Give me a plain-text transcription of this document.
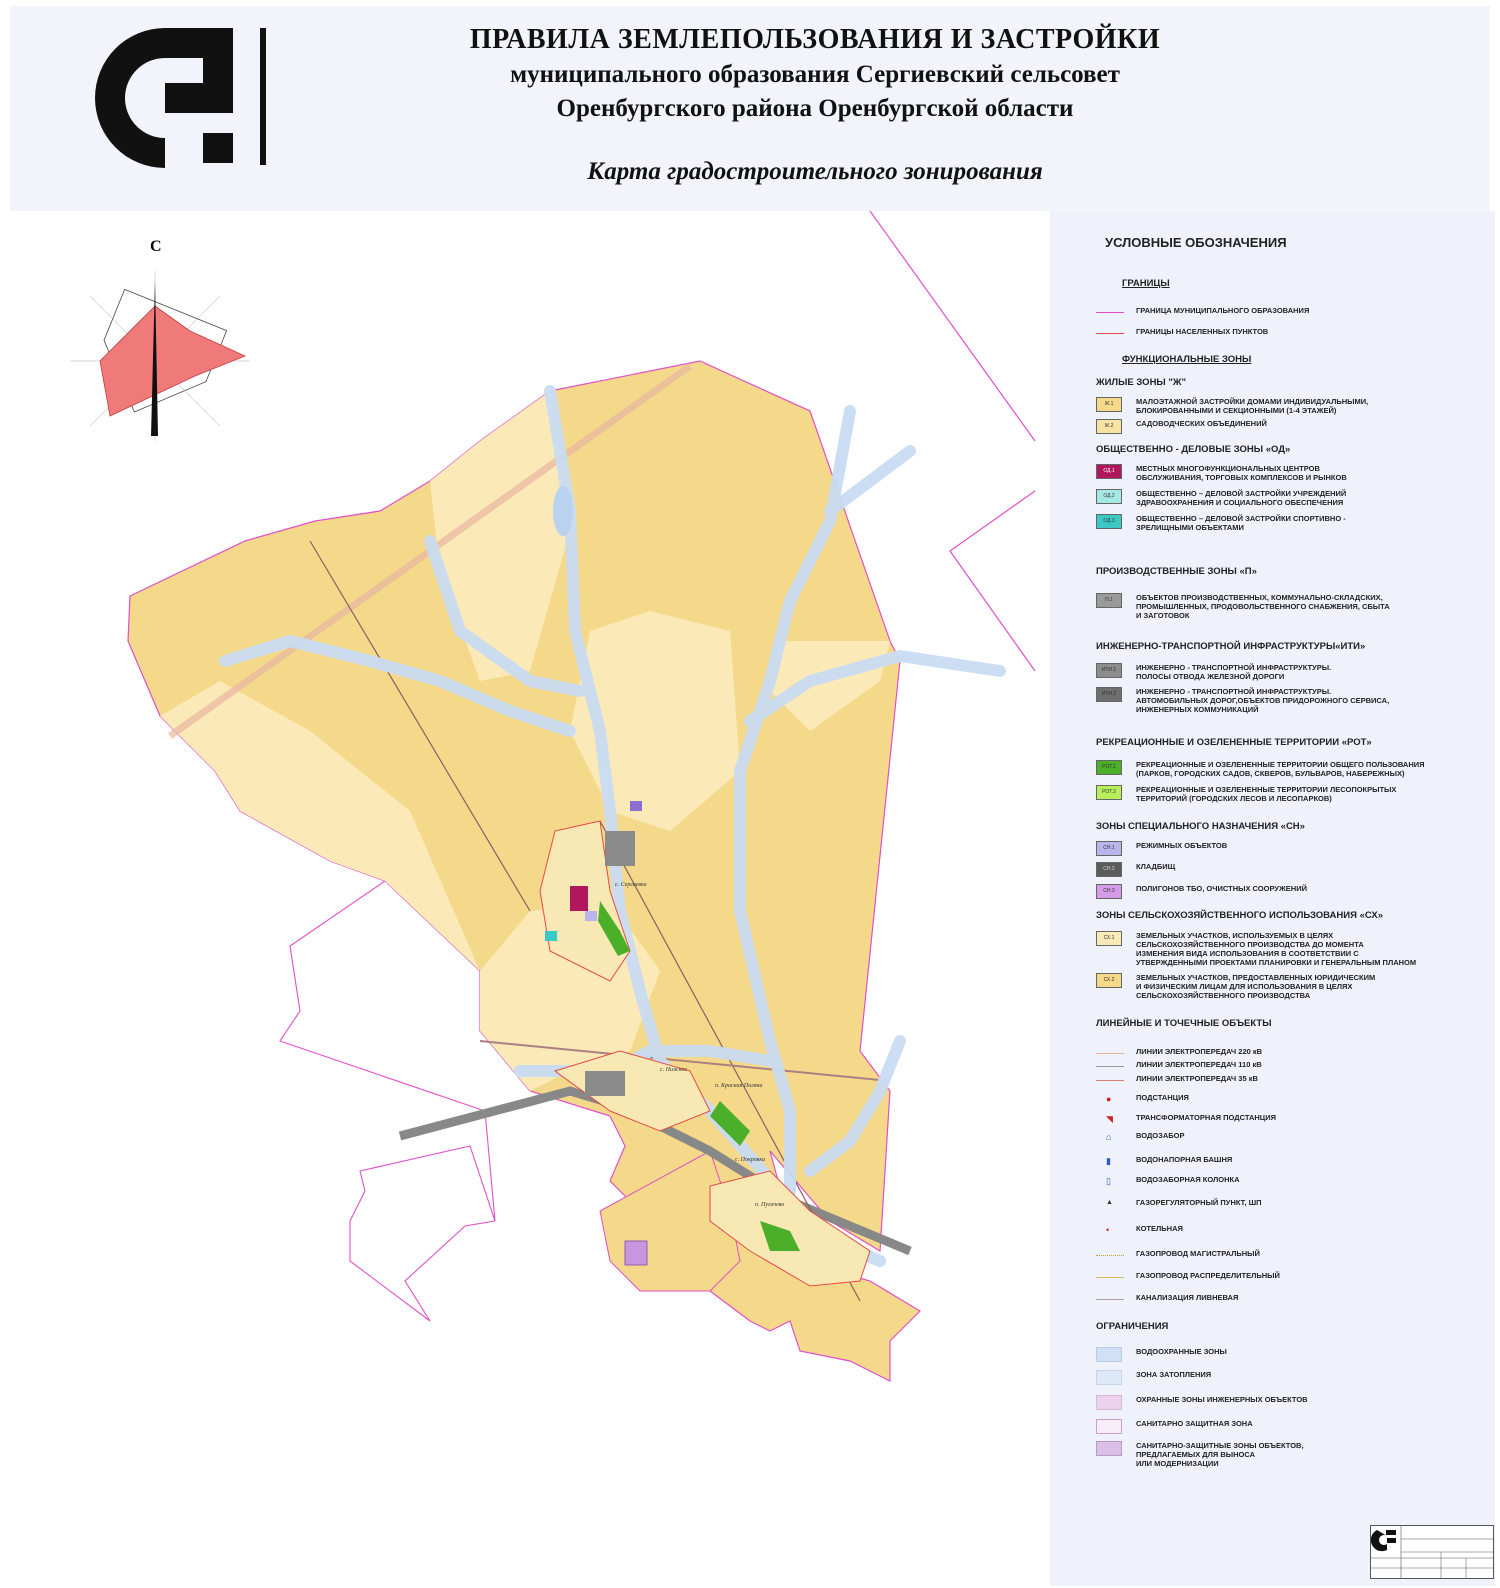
ПРАВИЛА ЗЕМЛЕПОЛЬЗОВАНИЯ И ЗАСТРОЙКИ
муниципального образования Сергиевский сельсовет
Оренбургского района Оренбургской области
Карта градостроительного зонирования
с. Сергиевка
с. Нижнее
п. Красная Поляна
с. Покровка
п. Пугачево
С	УСЛОВНЫЕ ОБОЗНАЧЕНИЯ
ГРАНИЦЫ
ГРАНИЦА МУНИЦИПАЛЬНОГО ОБРАЗОВАНИЯ
ГРАНИЦЫ НАСЕЛЕННЫХ ПУНКТОВ
ФУНКЦИОНАЛЬНЫЕ ЗОНЫ
ЖИЛЫЕ ЗОНЫ "Ж"
Ж.1	МАЛОЭТАЖНОЙ ЗАСТРОЙКИ ДОМАМИ ИНДИВИДУАЛЬНЫМИ,
БЛОКИРОВАННЫМИ И СЕКЦИОННЫМИ (1-4 ЭТАЖЕЙ)
Ж.2	САДОВОДЧЕСКИХ ОБЪЕДИНЕНИЙ
ОБЩЕСТВЕННО - ДЕЛОВЫЕ ЗОНЫ «ОД»
ОД.1	МЕСТНЫХ МНОГОФУНКЦИОНАЛЬНЫХ ЦЕНТРОВ
ОБСЛУЖИВАНИЯ, ТОРГОВЫХ КОМПЛЕКСОВ И РЫНКОВ
ОД.2	ОБЩЕСТВЕННО – ДЕЛОВОЙ ЗАСТРОЙКИ УЧРЕЖДЕНИЙ
ЗДРАВООХРАНЕНИЯ И СОЦИАЛЬНОГО ОБЕСПЕЧЕНИЯ
ОД.3	ОБЩЕСТВЕННО – ДЕЛОВОЙ ЗАСТРОЙКИ СПОРТИВНО -
ЗРЕЛИЩНЫМИ ОБЪЕКТАМИ
ПРОИЗВОДСТВЕННЫЕ ЗОНЫ «П»
П.1	ОБЪЕКТОВ ПРОИЗВОДСТВЕННЫХ, КОММУНАЛЬНО-СКЛАДСКИХ,
ПРОМЫШЛЕННЫХ, ПРОДОВОЛЬСТВЕННОГО СНАБЖЕНИЯ, СБЫТА
И ЗАГОТОВОК
ИНЖЕНЕРНО-ТРАНСПОРТНОЙ ИНФРАСТРУКТУРЫ«ИТИ»
ИТИ.1	ИНЖЕНЕРНО - ТРАНСПОРТНОЙ ИНФРАСТРУКТУРЫ.
ПОЛОСЫ ОТВОДА ЖЕЛЕЗНОЙ ДОРОГИ
ИТИ.2	ИНЖЕНЕРНО - ТРАНСПОРТНОЙ ИНФРАСТРУКТУРЫ.
АВТОМОБИЛЬНЫХ ДОРОГ,ОБЪЕКТОВ ПРИДОРОЖНОГО СЕРВИСА,
ИНЖЕНЕРНЫХ КОММУНИКАЦИЙ
РЕКРЕАЦИОННЫЕ И ОЗЕЛЕНЕННЫЕ ТЕРРИТОРИИ «РОТ»
РОТ.1	РЕКРЕАЦИОННЫЕ И ОЗЕЛЕНЕННЫЕ ТЕРРИТОРИИ ОБЩЕГО ПОЛЬЗОВАНИЯ
(ПАРКОВ, ГОРОДСКИХ САДОВ, СКВЕРОВ, БУЛЬВАРОВ, НАБЕРЕЖНЫХ)
РОТ.2	РЕКРЕАЦИОННЫЕ И ОЗЕЛЕНЕННЫЕ ТЕРРИТОРИИ ЛЕСОПОКРЫТЫХ
ТЕРРИТОРИЙ (ГОРОДСКИХ ЛЕСОВ И ЛЕСОПАРКОВ)
ЗОНЫ СПЕЦИАЛЬНОГО НАЗНАЧЕНИЯ «СН»
СН.1	РЕЖИМНЫХ ОБЪЕКТОВ
СН.2	КЛАДБИЩ
СН.3	ПОЛИГОНОВ ТБО, ОЧИСТНЫХ СООРУЖЕНИЙ
ЗОНЫ СЕЛЬСКОХОЗЯЙСТВЕННОГО ИСПОЛЬЗОВАНИЯ «СХ»
СХ.1	ЗЕМЕЛЬНЫХ УЧАСТКОВ, ИСПОЛЬЗУЕМЫХ В ЦЕЛЯХ
СЕЛЬСКОХОЗЯЙСТВЕННОГО ПРОИЗВОДСТВА ДО МОМЕНТА
ИЗМЕНЕНИЯ ВИДА ИСПОЛЬЗОВАНИЯ В СООТВЕТСТВИИ С
УТВЕРЖДЕННЫМИ ПРОЕКТАМИ ПЛАНИРОВКИ И ГЕНЕРАЛЬНЫМ ПЛАНОМ
СХ.2	ЗЕМЕЛЬНЫХ УЧАСТКОВ, ПРЕДОСТАВЛЕННЫХ ЮРИДИЧЕСКИМ
И ФИЗИЧЕСКИМ ЛИЦАМ ДЛЯ ИСПОЛЬЗОВАНИЯ В ЦЕЛЯХ
СЕЛЬСКОХОЗЯЙСТВЕННОГО ПРОИЗВОДСТВА
ЛИНЕЙНЫЕ И ТОЧЕЧНЫЕ ОБЪЕКТЫ
ЛИНИИ ЭЛЕКТРОПЕРЕДАЧ 220 кВ
ЛИНИИ ЭЛЕКТРОПЕРЕДАЧ 110 кВ
ЛИНИИ ЭЛЕКТРОПЕРЕДАЧ 35 кВ
●	ПОДСТАНЦИЯ
◥	ТРАНСФОРМАТОРНАЯ ПОДСТАНЦИЯ
⌂	ВОДОЗАБОР
▮	ВОДОНАПОРНАЯ БАШНЯ
▯	ВОДОЗАБОРНАЯ КОЛОНКА
▲	ГАЗОРЕГУЛЯТОРНЫЙ ПУНКТ, ШП
•	КОТЕЛЬНАЯ
ГАЗОПРОВОД МАГИСТРАЛЬНЫЙ
ГАЗОПРОВОД РАСПРЕДЕЛИТЕЛЬНЫЙ
КАНАЛИЗАЦИЯ ЛИВНЕВАЯ
ОГРАНИЧЕНИЯ
ВОДООХРАННЫЕ ЗОНЫ
ЗОНА ЗАТОПЛЕНИЯ
ОХРАННЫЕ ЗОНЫ ИНЖЕНЕРНЫХ ОБЪЕКТОВ
САНИТАРНО ЗАЩИТНАЯ ЗОНА
САНИТАРНО-ЗАЩИТНЫЕ ЗОНЫ ОБЪЕКТОВ,
ПРЕДЛАГАЕМЫХ ДЛЯ ВЫНОСА
ИЛИ МОДЕРНИЗАЦИИ
